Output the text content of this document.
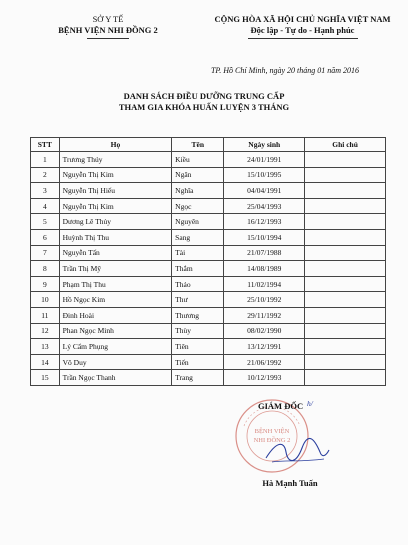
SỞ Y TẾ
BỆNH VIỆN NHI ĐỒNG 2
CỘNG HÒA XÃ HỘI CHỦ NGHĨA VIỆT NAM
Độc lập - Tự do - Hạnh phúc
TP. Hồ Chí Minh, ngày 20 tháng 01 năm 2016
DANH SÁCH ĐIỀU DƯỠNG TRUNG CẤP
THAM GIA KHÓA HUẤN LUYỆN 3 THÁNG
STT	Họ	Tên	Ngày sinh	Ghi chú
1	Trương Thúy	Kiều	24/01/1991	
2	Nguyễn Thị Kim	Ngân	15/10/1995	
3	Nguyễn Thị Hiếu	Nghĩa	04/04/1991	
4	Nguyễn Thị Kim	Ngọc	25/04/1993	
5	Dương Lê Thủy	Nguyên	16/12/1993	
6	Huỳnh Thị Thu	Sang	15/10/1994	
7	Nguyễn Tấn	Tài	21/07/1988	
8	Trần Thị Mỹ	Thắm	14/08/1989	
9	Phạm Thị Thu	Thảo	11/02/1994	
10	Hồ Ngọc Kim	Thư	25/10/1992	
11	Đinh Hoài	Thương	29/11/1992	
12	Phan Ngọc Minh	Thùy	08/02/1990	
13	Lý Cẩm Phụng	Tiên	13/12/1991	
14	Võ Duy	Tiến	21/06/1992	
15	Trần Ngọc Thanh	Trang	10/12/1993	
BỆNH VIỆN
NHI ĐỒNG 2
GIÁM ĐỐC h/
Hà Mạnh Tuấn
